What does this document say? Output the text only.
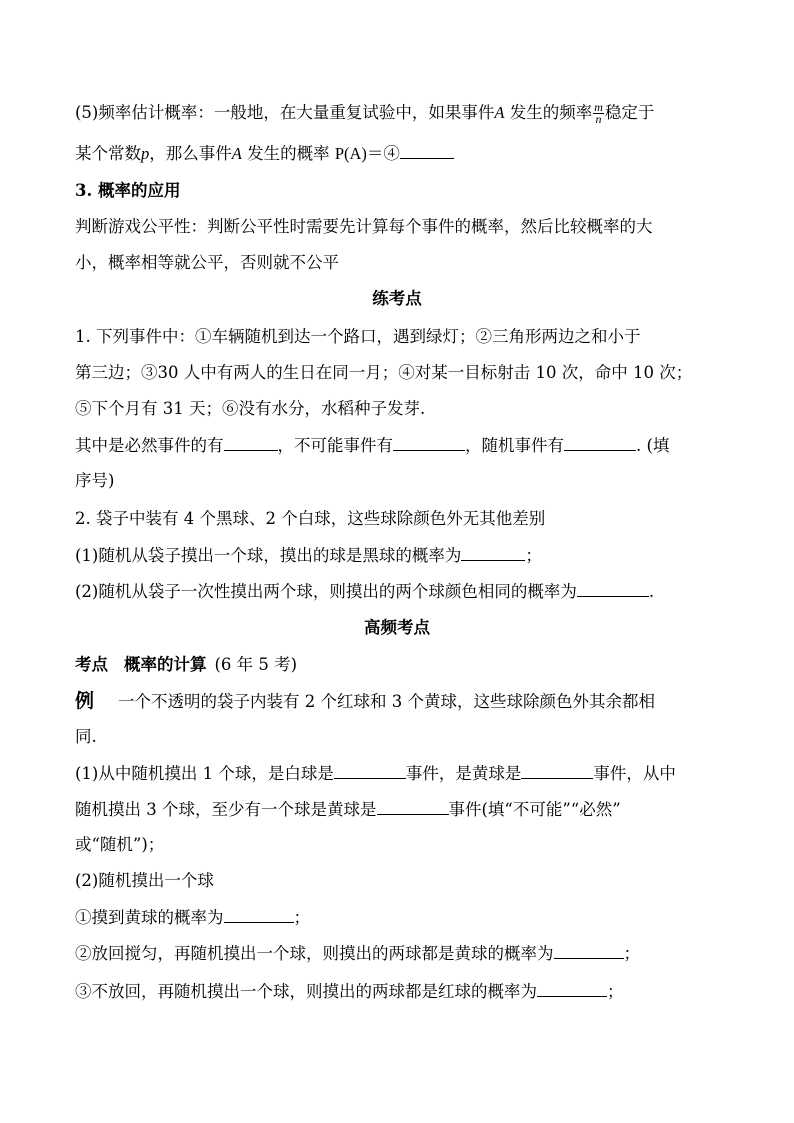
(5)频率估计概率：一般地，在大量重复试验中，如果事件A 发生的频率 $\frac{m}{n}$ 稳定于
某个常数p，那么事件A 发生的概率 P(A)＝④
3. 概率的应用
判断游戏公平性：判断公平性时需要先计算每个事件的概率，然后比较概率的大
小，概率相等就公平，否则就不公平
练考点
1. 下列事件中：①车辆随机到达一个路口，遇到绿灯；②三角形两边之和小于
第三边；③30 人中有两人的生日在同一月；④对某一目标射击 10 次，命中 10 次；
⑤下个月有 31 天；⑥没有水分，水稻种子发芽.
其中是必然事件的有	，不可能事件有	，随机事件有	. (填
序号)
2. 袋子中装有 4 个黑球、2 个白球，这些球除颜色外无其他差别
(1)随机从袋子摸出一个球，摸出的球是黑球的概率为	；
(2)随机从袋子一次性摸出两个球，则摸出的两个球颜色相同的概率为	.
高频考点
考点 概率的计算 (6 年 5 考)
例 一个不透明的袋子内装有 2 个红球和 3 个黄球，这些球除颜色外其余都相
同.
(1)从中随机摸出 1 个球，是白球是	事件，是黄球是	事件，从中
随机摸出 3 个球，至少有一个球是黄球是	事件(填“不可能”“必然”
或“随机”)；
(2)随机摸出一个球
①摸到黄球的概率为	；
②放回搅匀，再随机摸出一个球，则摸出的两球都是黄球的概率为	；
③不放回，再随机摸出一个球，则摸出的两球都是红球的概率为	；
